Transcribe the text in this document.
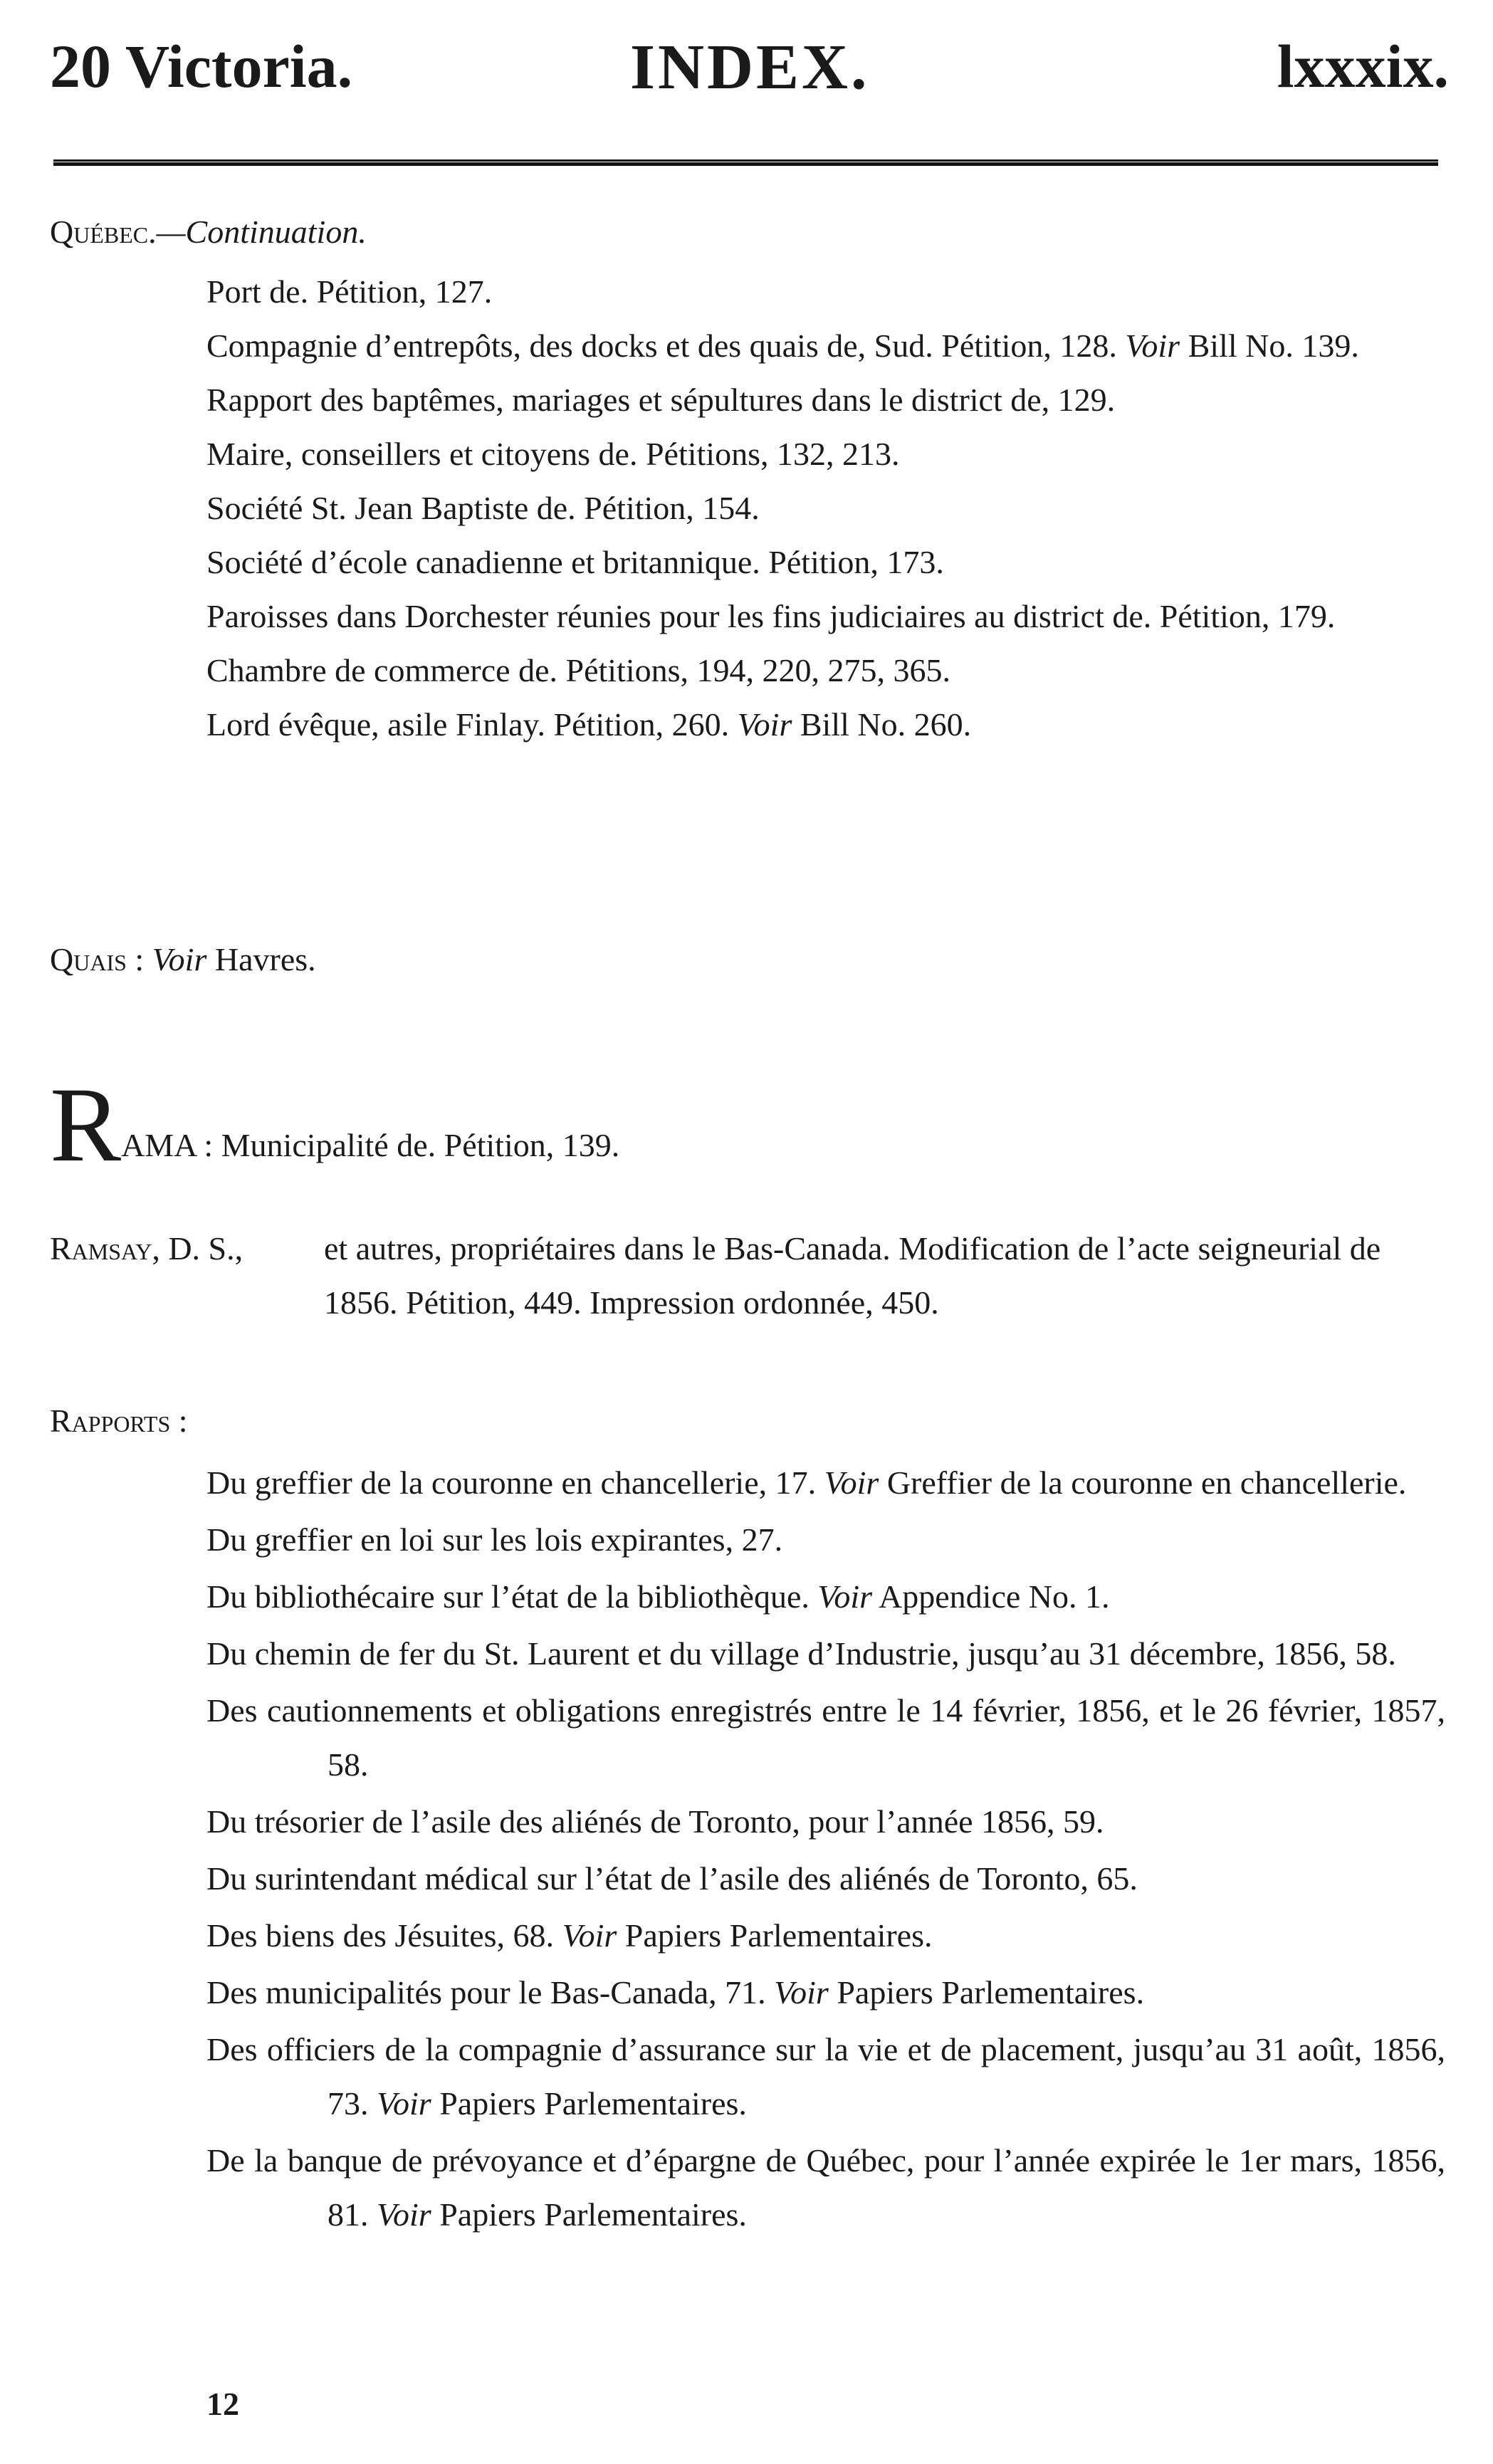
20 Victoria.	INDEX.	lxxxix.
Québec.—Continuation.

Port de. Pétition, 127.

Compagnie d’entrepôts, des docks et des quais de, Sud. Pétition, 128. Voir Bill No. 139.

Rapport des baptêmes, mariages et sépultures dans le district de, 129.

Maire, conseillers et citoyens de. Pétitions, 132, 213.

Société St. Jean Baptiste de. Pétition, 154.

Société d’école canadienne et britannique. Pétition, 173.

Paroisses dans Dorchester réunies pour les fins judiciaires au district de. Pétition, 179.

Chambre de commerce de. Pétitions, 194, 220, 275, 365.

Lord évêque, asile Finlay. Pétition, 260. Voir Bill No. 260.

Quais : Voir Havres.
RAMA : Municipalité de. Pétition, 139.
Ramsay, D. S., et autres, propriétaires dans le Bas-Canada. Modification de l’acte seigneurial de 1856. Pétition, 449. Impression ordonnée, 450.
Rapports :

Du greffier de la couronne en chancellerie, 17. Voir Greffier de la couronne en chancellerie.

Du greffier en loi sur les lois expirantes, 27.

Du bibliothécaire sur l’état de la bibliothèque. Voir Appendice No. 1.

Du chemin de fer du St. Laurent et du village d’Industrie, jusqu’au 31 décembre, 1856, 58.

Des cautionnements et obligations enregistrés entre le 14 février, 1856, et le 26 février, 1857, 58.

Du trésorier de l’asile des aliénés de Toronto, pour l’année 1856, 59.

Du surintendant médical sur l’état de l’asile des aliénés de Toronto, 65.

Des biens des Jésuites, 68. Voir Papiers Parlementaires.

Des municipalités pour le Bas-Canada, 71. Voir Papiers Parlementaires.

Des officiers de la compagnie d’assurance sur la vie et de placement, jusqu’au 31 août, 1856, 73. Voir Papiers Parlementaires.

De la banque de prévoyance et d’épargne de Québec, pour l’année expirée le 1er mars, 1856, 81. Voir Papiers Parlementaires.

12
